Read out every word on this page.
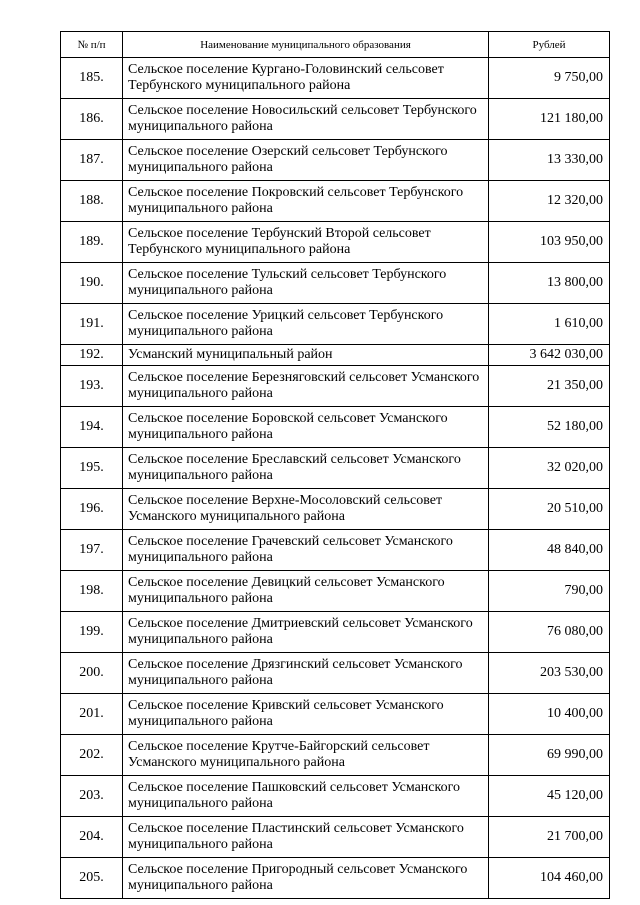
№ п/п	Наименование муниципального образования	Рублей
185.	Сельское поселение Кургано-Головинский сельсовет Тербунского муниципального района	9 750,00
186.	Сельское поселение Новосильский сельсовет Тербунского муниципального района	121 180,00
187.	Сельское поселение Озерский сельсовет Тербунского муниципального района	13 330,00
188.	Сельское поселение Покровский сельсовет Тербунского муниципального района	12 320,00
189.	Сельское поселение Тербунский Второй сельсовет Тербунского муниципального района	103 950,00
190.	Сельское поселение Тульский сельсовет Тербунского муниципального района	13 800,00
191.	Сельское поселение Урицкий сельсовет Тербунского муниципального района	1 610,00
192.	Усманский муниципальный район	3 642 030,00
193.	Сельское поселение Березняговский сельсовет Усманского муниципального района	21 350,00
194.	Сельское поселение Боровской сельсовет Усманского муниципального района	52 180,00
195.	Сельское поселение Бреславский сельсовет Усманского муниципального района	32 020,00
196.	Сельское поселение Верхне-Мосоловский сельсовет Усманского муниципального района	20 510,00
197.	Сельское поселение Грачевский сельсовет Усманского муниципального района	48 840,00
198.	Сельское поселение Девицкий сельсовет Усманского муниципального района	790,00
199.	Сельское поселение Дмитриевский сельсовет Усманского муниципального района	76 080,00
200.	Сельское поселение Дрязгинский сельсовет Усманского муниципального района	203 530,00
201.	Сельское поселение Кривский сельсовет Усманского муниципального района	10 400,00
202.	Сельское поселение Крутче-Байгорский сельсовет Усманского муниципального района	69 990,00
203.	Сельское поселение Пашковский сельсовет Усманского муниципального района	45 120,00
204.	Сельское поселение Пластинский сельсовет Усманского муниципального района	21 700,00
205.	Сельское поселение Пригородный сельсовет Усманского муниципального района	104 460,00
